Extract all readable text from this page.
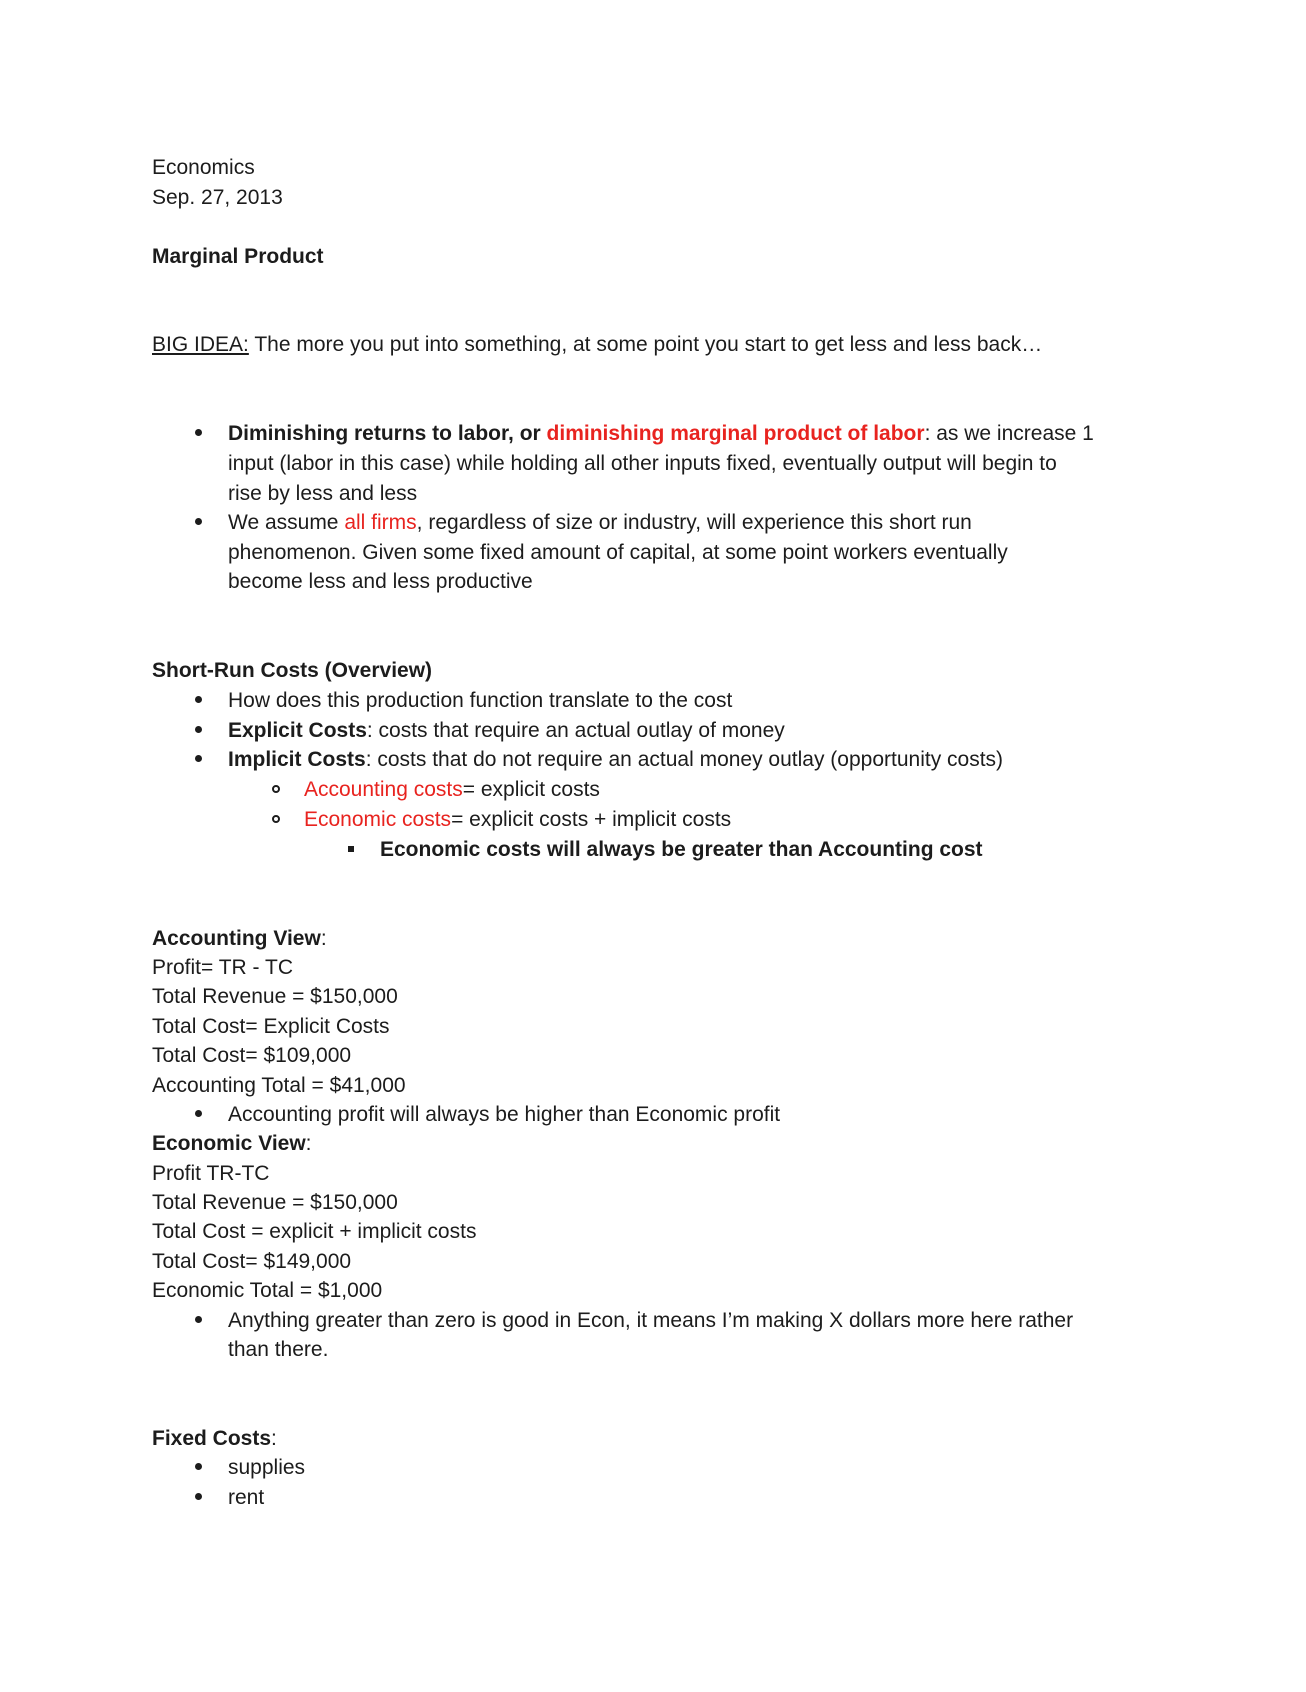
Economics
Sep. 27, 2013
Marginal Product
BIG IDEA: The more you put into something, at some point you start to get less and less back…
Diminishing returns to labor, or diminishing marginal product of labor: as we increase 1
input (labor in this case) while holding all other inputs fixed, eventually output will begin to
rise by less and less
We assume all firms, regardless of size or industry, will experience this short run
phenomenon. Given some fixed amount of capital, at some point workers eventually
become less and less productive
Short-Run Costs (Overview)
How does this production function translate to the cost
Explicit Costs: costs that require an actual outlay of money
Implicit Costs: costs that do not require an actual money outlay (opportunity costs)
Accounting costs= explicit costs
Economic costs= explicit costs + implicit costs
Economic costs will always be greater than Accounting cost
Accounting View:
Profit= TR - TC
Total Revenue = $150,000
Total Cost= Explicit Costs
Total Cost= $109,000
Accounting Total = $41,000
Accounting profit will always be higher than Economic profit
Economic View:
Profit TR-TC
Total Revenue = $150,000
Total Cost = explicit + implicit costs
Total Cost= $149,000
Economic Total = $1,000
Anything greater than zero is good in Econ, it means I’m making X dollars more here rather
than there.
Fixed Costs:
supplies
rent
